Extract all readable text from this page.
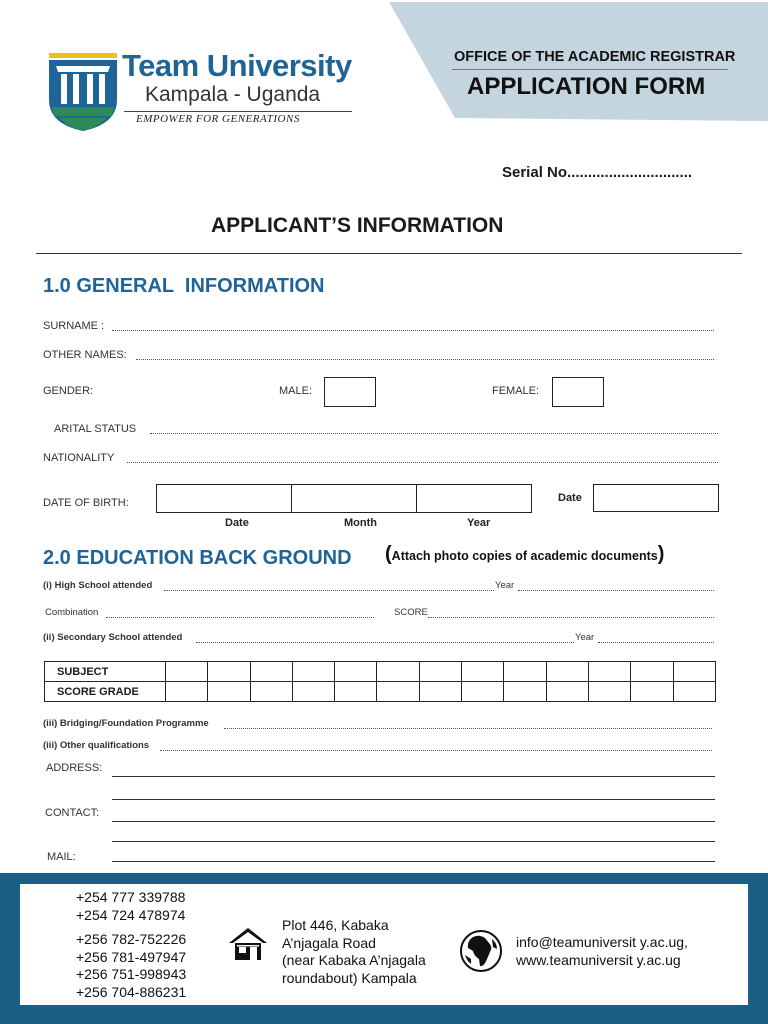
Team University
Kampala - Uganda
EMPOWER FOR GENERATIONS
OFFICE OF THE ACADEMIC REGISTRAR
APPLICATION FORM
Serial No..............................
APPLICANT’S INFORMATION
1.0 GENERAL  INFORMATION
SURNAME :
OTHER NAMES:
GENDER:	MALE:	FEMALE:
ARITAL STATUS
NATIONALITY
DATE OF BIRTH:
Date	Month	Year
Date
2.0 EDUCATION BACK GROUND (Attach photo copies of academic documents)
(i) High School attended	Year
Combination	SCORE
(ii) Secondary School attended	Year
SUBJECT													
SCORE GRADE													
(iii) Bridging/Foundation Programme
(iii) Other qualifications
ADDRESS:
CONTACT:
MAIL:
+254 777 339788
+254 724 478974
+256 782-752226
+256 781-497947
+256 751-998943
+256 704-886231
Plot 446, Kabaka
A’njagala Road
(near Kabaka A’njagala
roundabout) Kampala
info@teamuniversit y.ac.ug,
www.teamuniversit y.ac.ug
